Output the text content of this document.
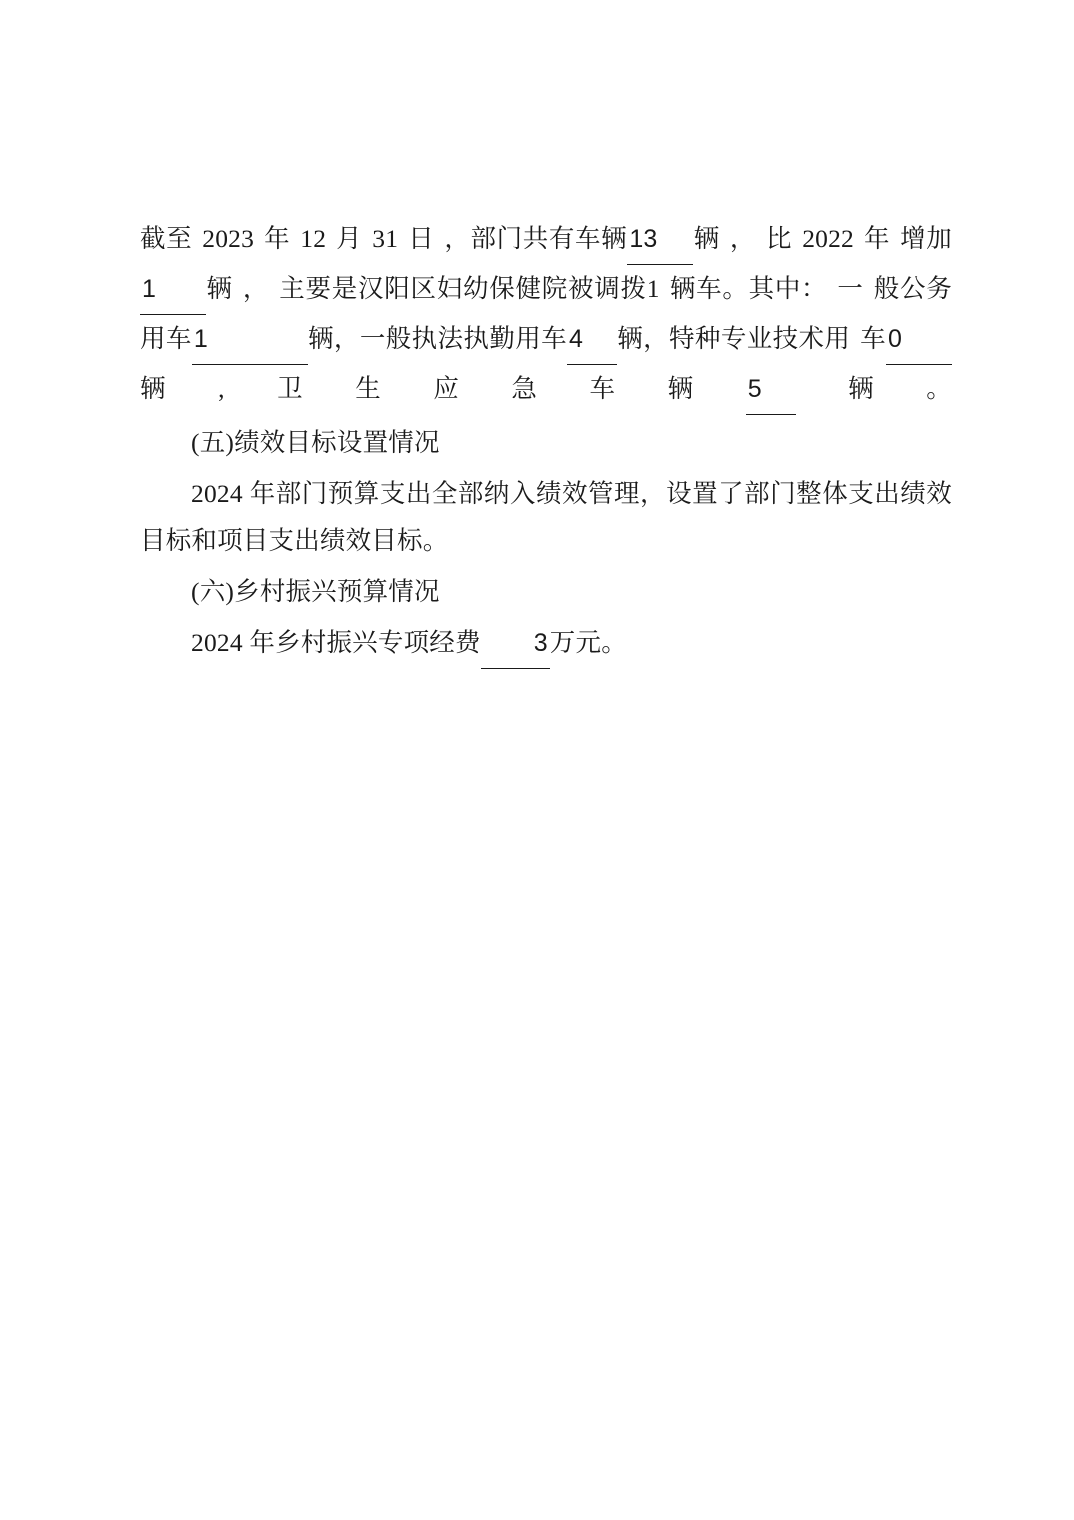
截至 2023 年 12 月 31 日 ，部门共有车辆13 辆 ， 比 2022 年 增加1 辆 ， 主要是汉阳区妇幼保健院被调拨1 辆车。其中： 一 般公务用车1	辆，一般执法执勤用车4 辆，特种专业技术用 车0辆,卫生应急车辆5 辆。

(五)绩效目标设置情况

2024 年部门预算支出全部纳入绩效管理，设置了部门整体支出绩效目标和项目支出绩效目标。

(六)乡村振兴预算情况

2024 年乡村振兴专项经费 3万元。
